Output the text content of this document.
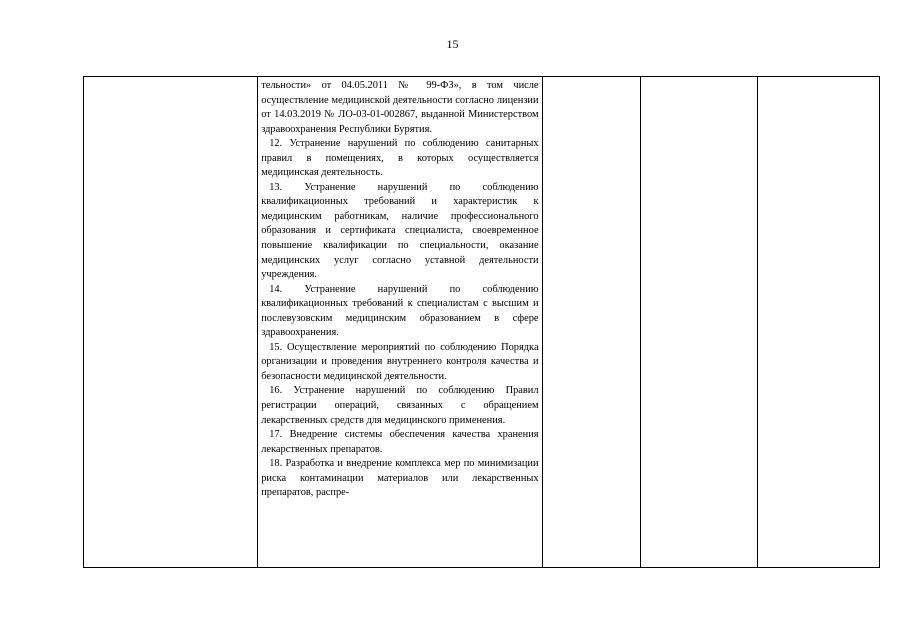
15

тельности» от 04.05.2011 № 99-ФЗ», в том числе осуществление медицинской деятельности согласно лицензии от 14.03.2019 № ЛО-03-01-002867, выданной Министерством здравоохранения Республики Бурятия.

12. Устранение нарушений по соблюдению санитарных правил в помещениях, в которых осуществляется медицинская деятельность.

13. Устранение нарушений по соблюдению квалификационных требований и характеристик к медицинским работникам, наличие профессионального образования и сертификата специалиста, своевременное повышение квалификации по специальности, оказание медицинских услуг согласно уставной деятельности учреждения.

14. Устранение нарушений по соблюдению квалификационных требований к специалистам с высшим и послевузовским медицинским образованием в сфере здравоохранения.

15. Осуществление мероприятий по соблюдению Порядка организации и проведения внутреннего контроля качества и безопасности медицинской деятельности.

16. Устранение нарушений по соблюдению Правил регистрации операций, связанных с обращением лекарственных средств для медицинского применения.

17. Внедрение системы обеспечения качества хранения лекарственных препаратов.

18. Разработка и внедрение комплекса мер по минимизации риска контаминации материалов или лекарственных препаратов, распре-
